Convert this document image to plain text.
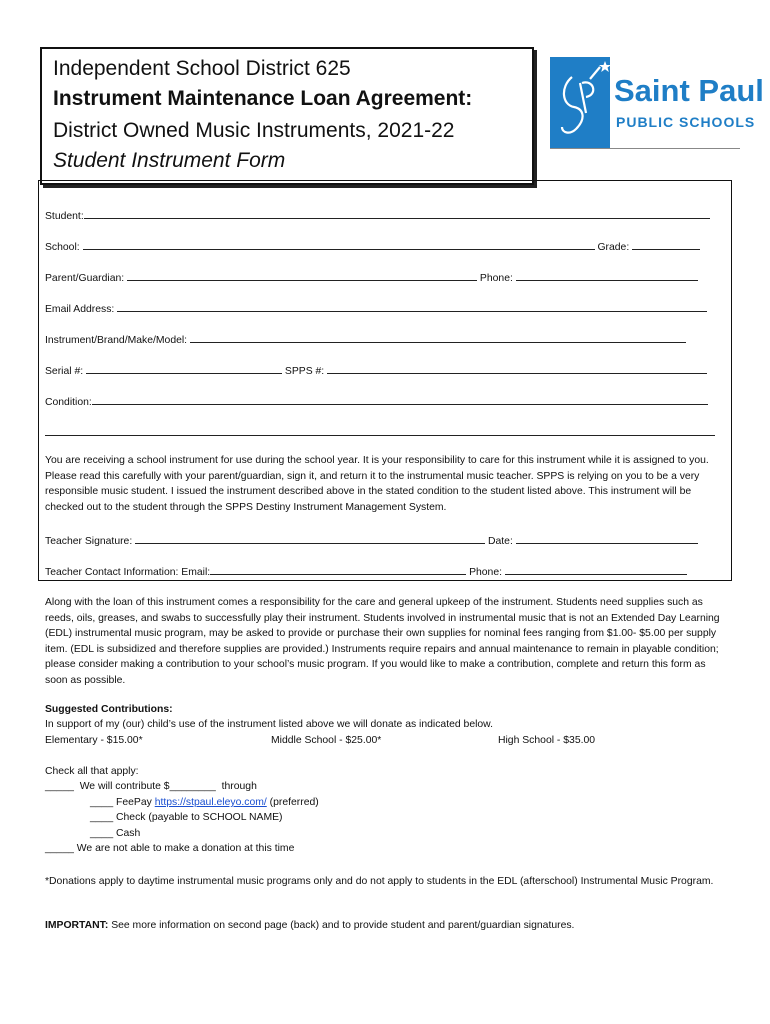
Independent School District 625
Instrument Maintenance Loan Agreement:
District Owned Music Instruments, 2021-22
Student Instrument Form
Saint Paul
PUBLIC SCHOOLS
Student:
School:	Grade:
Parent/Guardian:	Phone:
Email Address:
Instrument/Brand/Make/Model:
Serial #:	SPPS #:
Condition:
You are receiving a school instrument for use during the school year. It is your responsibility to care for this instrument while it is assigned to you. Please read this carefully with your parent/guardian, sign it, and return it to the instrumental music teacher. SPPS is relying on you to be a very responsible music student. I issued the instrument described above in the stated condition to the student listed above. This instrument will be checked out to the student through the SPPS Destiny Instrument Management System.
Teacher Signature:	Date:
Teacher Contact Information: Email:	Phone:
Along with the loan of this instrument comes a responsibility for the care and general upkeep of the instrument. Students need supplies such as reeds, oils, greases, and swabs to successfully play their instrument. Students involved in instrumental music that is not an Extended Day Learning (EDL) instrumental music program, may be asked to provide or purchase their own supplies for nominal fees ranging from $1.00- $5.00 per supply item. (EDL is subsidized and therefore supplies are provided.) Instruments require repairs and annual maintenance to remain in playable condition; please consider making a contribution to your school’s music program. If you would like to make a contribution, complete and return this form as soon as possible.
Suggested Contributions:
In support of my (our) child’s use of the instrument listed above we will donate as indicated below.
Elementary - $15.00*	Middle School - $25.00*	High School - $35.00
Check all that apply:
_____ We will contribute $________ through
____ FeePay https://stpaul.eleyo.com/ (preferred)
____ Check (payable to SCHOOL NAME)
____ Cash
_____ We are not able to make a donation at this time
*Donations apply to daytime instrumental music programs only and do not apply to students in the EDL (afterschool) Instrumental Music Program.
IMPORTANT: See more information on second page (back) and to provide student and parent/guardian signatures.
